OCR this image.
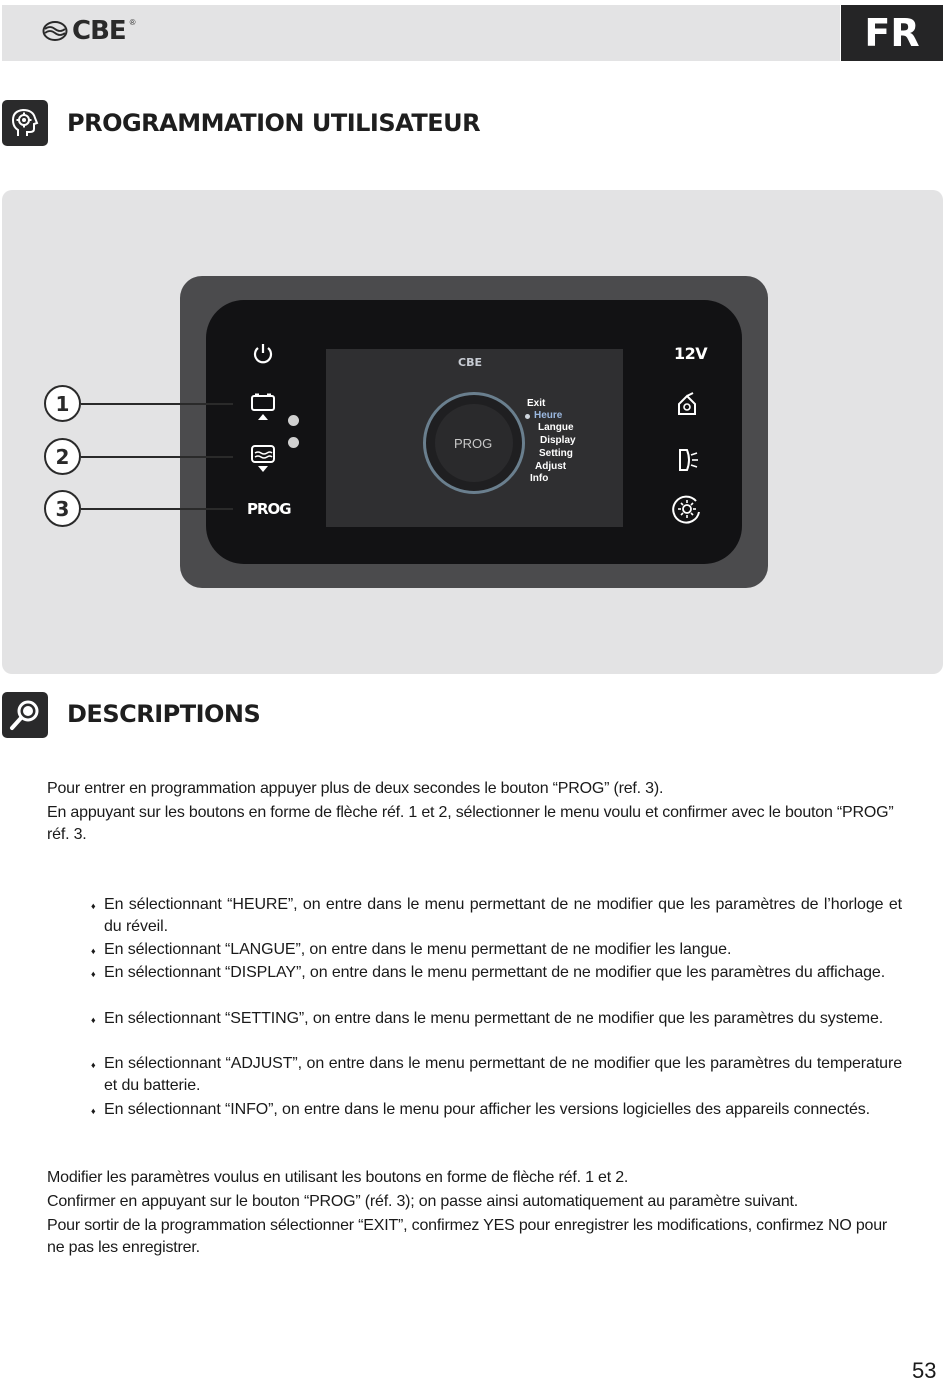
CBE ®	FR
PROGRAMMATION UTILISATEUR
CBE
PROG
Exit
Heure
Langue
Display
Setting
Adjust
Info
PROG
12V
1
2
3
DESCRIPTIONS
Pour entrer en programmation appuyer plus de deux secondes le bouton “PROG” (ref. 3).
En appuyant sur les boutons en forme de flèche réf. 1 et 2, sélectionner le menu voulu et confirmer avec le bouton “PROG” réf. 3.
♦ En sélectionnant “HEURE”, on entre dans le menu permettant de ne modifier que les paramètres de l’horloge et du réveil.
♦ En sélectionnant “LANGUE”, on entre dans le menu permettant de ne modifier les langue.
♦ En sélectionnant “DISPLAY”, on entre dans le menu permettant de ne modifier que les paramètres du affichage.
♦ En sélectionnant “SETTING”, on entre dans le menu permettant de ne modifier que les paramètres du systeme.
♦ En sélectionnant “ADJUST”, on entre dans le menu permettant de ne modifier que les paramètres du temperature et du batterie.
♦ En sélectionnant “INFO”, on entre dans le menu pour afficher les versions logicielles des appareils connectés.
Modifier les paramètres voulus en utilisant les boutons en forme de flèche réf. 1 et 2.
Confirmer en appuyant sur le bouton “PROG” (réf. 3); on passe ainsi automatiquement au paramètre suivant.
Pour sortir de la programmation sélectionner “EXIT”, confirmez YES pour enregistrer les modifications, confirmez NO pour ne pas les enregistrer.
53
